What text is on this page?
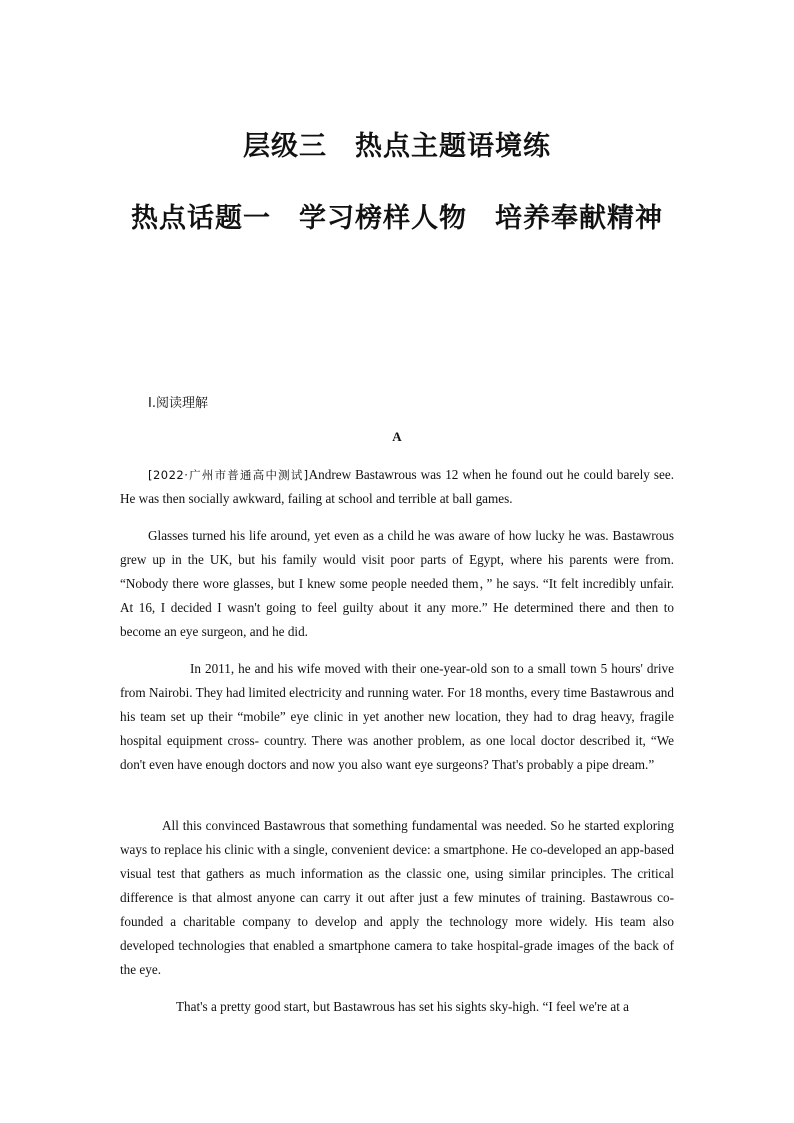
层级三　热点主题语境练
热点话题一　学习榜样人物　培养奉献精神
Ⅰ.阅读理解
A

[2022·广州市普通高中测试]Andrew Bastawrous was 12 when he found out he could barely see. He was then socially awkward, failing at school and terrible at ball games.

Glasses turned his life around, yet even as a child he was aware of how lucky he was. Bastawrous grew up in the UK, but his family would visit poor parts of Egypt, where his parents were from. “Nobody there wore glasses, but I knew some people needed them，” he says. “It felt incredibly unfair. At 16, I decided I wasn't going to feel guilty about it any more.” He determined there and then to become an eye surgeon, and he did.

In 2011, he and his wife moved with their one-year-old son to a small town 5 hours' drive from Nairobi. They had limited electricity and running water. For 18 months, every time Bastawrous and his team set up their “mobile” eye clinic in yet another new location, they had to drag heavy, fragile hospital equipment cross- country. There was another problem, as one local doctor described it, “We don't even have enough doctors and now you also want eye surgeons? That's probably a pipe dream.”

All this convinced Bastawrous that something fundamental was needed. So he started exploring ways to replace his clinic with a single, convenient device: a smartphone. He co-developed an app-based visual test that gathers as much information as the classic one, using similar principles. The critical difference is that almost anyone can carry it out after just a few minutes of training. Bastawrous co-founded a charitable company to develop and apply the technology more widely. His team also developed technologies that enabled a smartphone camera to take hospital-grade images of the back of the eye.

That's a pretty good start, but Bastawrous has set his sights sky-high. “I feel we're at a
